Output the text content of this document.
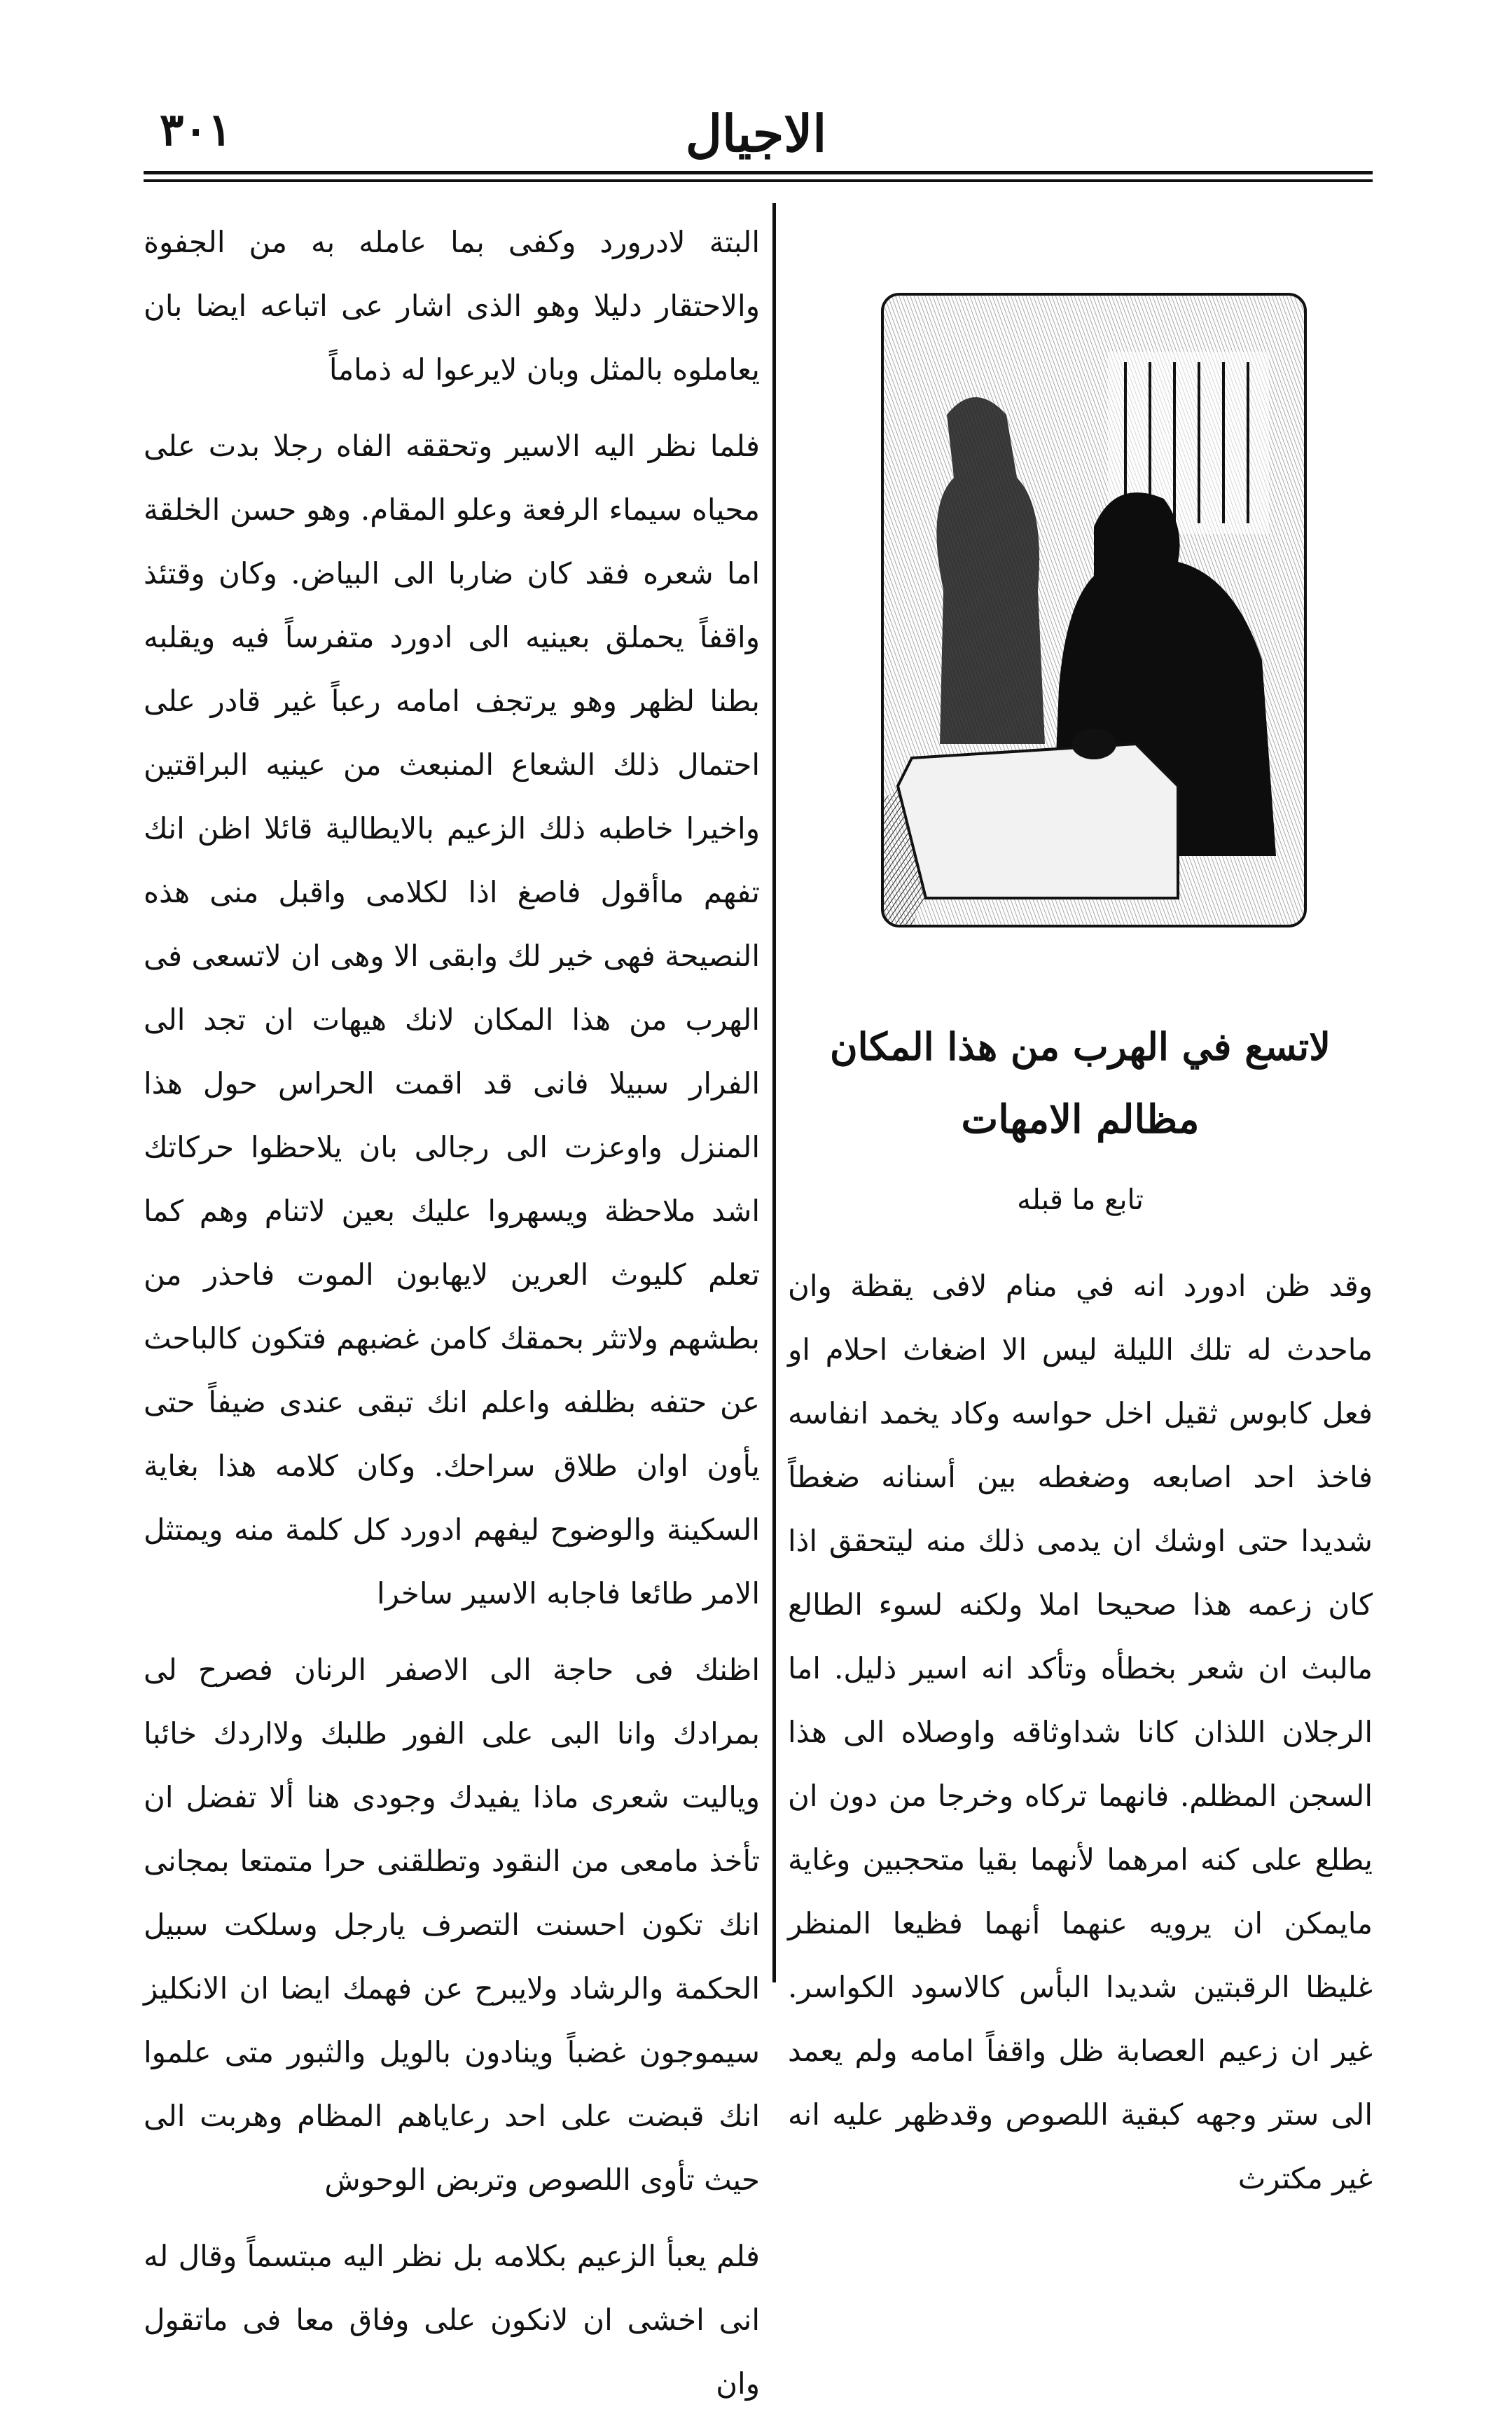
٣٠١	الاجيال

البتة لادرورد وكفى بما عامله به من الجفوة والاحتقار دليلا وهو الذى اشار عى اتباعه ايضا بان يعاملوه بالمثل وبان لايرعوا له ذماماً

فلما نظر اليه الاسير وتحققه الفاه رجلا بدت على محياه سيماء الرفعة وعلو المقام. وهو حسن الخلقة اما شعره فقد كان ضاربا الى البياض. وكان وقتئذ واقفاً يحملق بعينيه الى ادورد متفرساً فيه ويقلبه بطنا لظهر وهو يرتجف امامه رعباً غير قادر على احتمال ذلك الشعاع المنبعث من عينيه البراقتين واخيرا خاطبه ذلك الزعيم بالايطالية قائلا اظن انك تفهم ماأقول فاصغ اذا لكلامى واقبل منى هذه النصيحة فهى خير لك وابقى الا وهى ان لاتسعى فى الهرب من هذا المكان لانك هيهات ان تجد الى الفرار سبيلا فانى قد اقمت الحراس حول هذا المنزل واوعزت الى رجالى بان يلاحظوا حركاتك اشد ملاحظة ويسهروا عليك بعين لاتنام وهم كما تعلم كليوث العرين لايهابون الموت فاحذر من بطشهم ولاتثر بحمقك كامن غضبهم فتكون كالباحث عن حتفه بظلفه واعلم انك تبقى عندى ضيفاً حتى يأون اوان طلاق سراحك. وكان كلامه هذا بغاية السكينة والوضوح ليفهم ادورد كل كلمة منه ويمتثل الامر طائعا فاجابه الاسير ساخرا

اظنك فى حاجة الى الاصفر الرنان فصرح لى بمرادك وانا البى على الفور طلبك ولااردك خائبا وياليت شعرى ماذا يفيدك وجودى هنا ألا تفضل ان تأخذ مامعى من النقود وتطلقنى حرا متمتعا بمجانى انك تكون احسنت التصرف يارجل وسلكت سبيل الحكمة والرشاد ولايبرح عن فهمك ايضا ان الانكليز سيموجون غضباً وينادون بالويل والثبور متى علموا انك قبضت على احد رعاياهم المظام وهربت الى حيث تأوى اللصوص وتربض الوحوش

فلم يعبأ الزعيم بكلامه بل نظر اليه مبتسماً وقال له انى اخشى ان لانكون على وفاق معا فى ماتقول وان

لاتسع في الهرب من هذا المكان
مظالم الامهات
تابع ما قبله

وقد ظن ادورد انه في منام لافى يقظة وان ماحدث له تلك الليلة ليس الا اضغاث احلام او فعل كابوس ثقيل اخل حواسه وكاد يخمد انفاسه فاخذ احد اصابعه وضغطه بين أسنانه ضغطاً شديدا حتى اوشك ان يدمى ذلك منه ليتحقق اذا كان زعمه هذا صحيحا املا ولكنه لسوء الطالع مالبث ان شعر بخطأه وتأكد انه اسير ذليل. اما الرجلان اللذان كانا شداوثاقه واوصلاه الى هذا السجن المظلم. فانهما تركاه وخرجا من دون ان يطلع على كنه امرهما لأنهما بقيا متحجبين وغاية مايمكن ان يرويه عنهما أنهما فظيعا المنظر غليظا الرقبتين شديدا البأس كالاسود الكواسر. غير ان زعيم العصابة ظل واقفاً امامه ولم يعمد الى ستر وجهه كبقية اللصوص وقدظهر عليه انه غير مكترث
